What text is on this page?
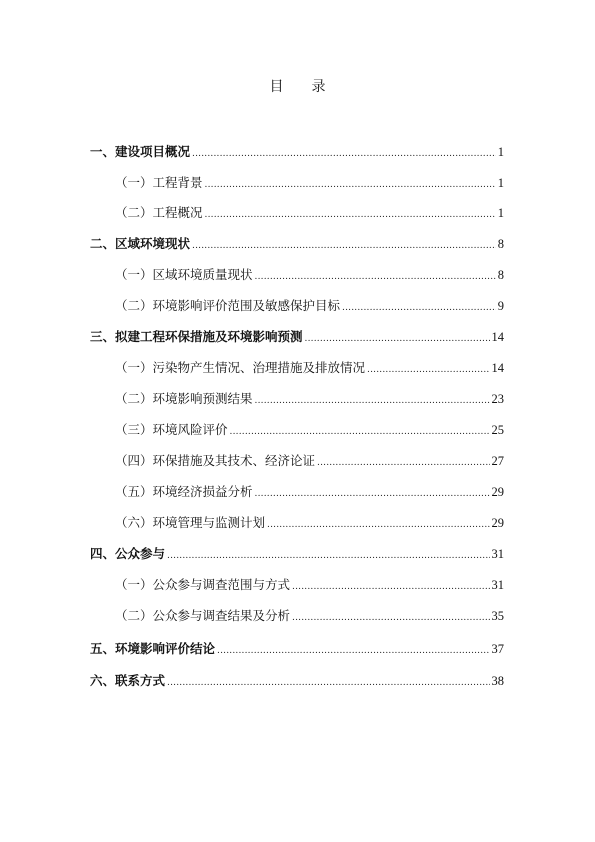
目　　录
一、建设项目概况 .....	1
（一）工程背景 .....	1
（二）工程概况 .....	1
二、区域环境现状 .....	8
（一）区域环境质量现状 .....	8
（二）环境影响评价范围及敏感保护目标 .....	9
三、拟建工程环保措施及环境影响预测 .....	14
（一）污染物产生情况、治理措施及排放情况 .....	14
（二）环境影响预测结果 .....	23
（三）环境风险评价 .....	25
（四）环保措施及其技术、经济论证 .....	27
（五）环境经济损益分析 .....	29
（六）环境管理与监测计划 .....	29
四、公众参与 .....	31
（一）公众参与调查范围与方式 .....	31
（二）公众参与调查结果及分析 .....	35
五、环境影响评价结论 .....	37
六、联系方式 .....	38
